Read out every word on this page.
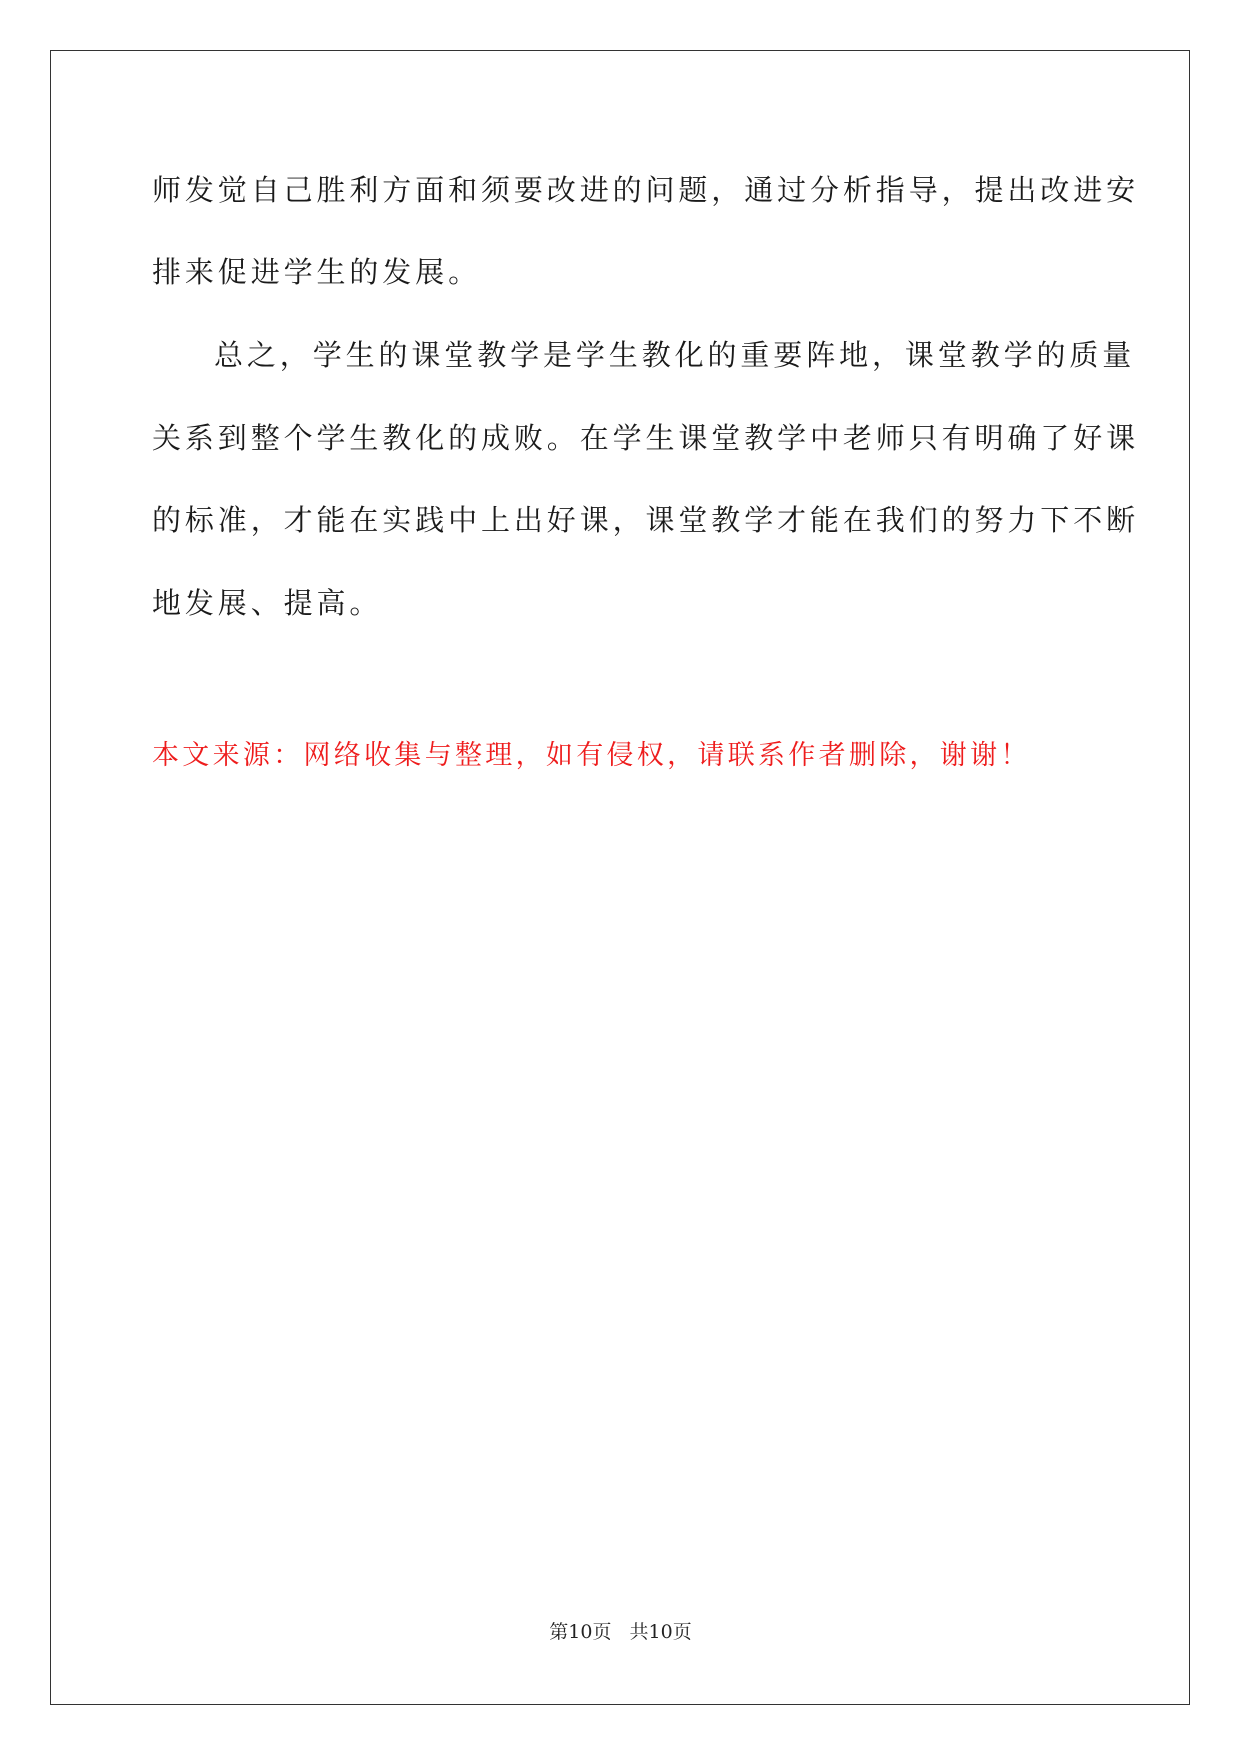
师发觉自己胜利方面和须要改进的问题，通过分析指导，提出改进安
排来促进学生的发展。
总之，学生的课堂教学是学生教化的重要阵地，课堂教学的质量
关系到整个学生教化的成败。在学生课堂教学中老师只有明确了好课
的标准，才能在实践中上出好课，课堂教学才能在我们的努力下不断
地发展、提高。
本文来源：网络收集与整理，如有侵权，请联系作者删除，谢谢！
第10页 共10页
